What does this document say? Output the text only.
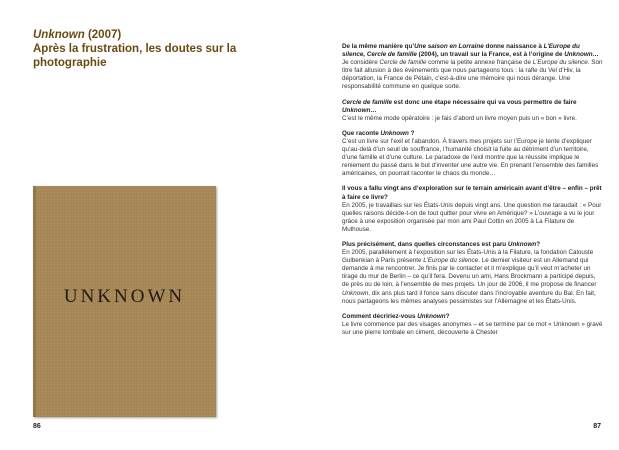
Unknown (2007)
Après la frustration, les doutes sur la photographie
UNKNOWN
86
De la même manière qu’Une saison en Lorraine donne naissance à L’Europe du silence, Cercle de famille (2004), un travail sur la France, est à l’origine de Unknown…
Je considère Cercle de famille comme la petite annexe française de L’Europe du silence. Son titre fait allusion à des événements que nous partageons tous : la rafle du Vel d’Hiv, la déportation, la France de Pétain, c’est-à-dire une mémoire qui nous dérange. Une responsabilité commune en quelque sorte.
Cercle de famille est donc une étape nécessaire qui va vous permettre de faire Unknown…
C’est le même mode opératoire : je fais d’abord un livre moyen puis un « bon » livre.
Que raconte Unknown ?
C’est un livre sur l’exil et l’abandon. À travers mes projets sur l’Europe je tente d’expliquer qu’au-delà d’un seuil de souffrance, l’humanité choisit la fuite au détriment d’un territoire, d’une famille et d’une culture. Le paradoxe de l’exil montre que la réussite implique le reniement du passé dans le but d’inventer une autre vie. En prenant l’ensemble des familles américaines, on pourrait raconter le chaos du monde…
Il vous a fallu vingt ans d’exploration sur le terrain américain avant d’être – enfin – prêt à faire ce livre?
En 2005, je travaillais sur les États-Unis depuis vingt ans. Une question me taraudait : « Pour quelles raisons décide-t-on de tout quitter pour vivre en Amérique? » L’ouvrage a vu le jour grâce à une exposition organisée par mon ami Paul Cottin en 2005 à La Filature de Mulhouse.
Plus précisément, dans quelles circonstances est paru Unknown?
En 2005, parallèlement à l’exposition sur les États-Unis à la Filature, la fondation Calouste Gulbenkian à Paris présente L’Europe du silence. Le dernier visiteur est un Allemand qui demande à me rencontrer. Je finis par le contacter et il m’explique qu’il veut m’acheter un tirage du mur de Berlin – ce qu’il fera. Devenu un ami, Hans Brockmann a participé depuis, de près ou de loin, à l’ensemble de mes projets. Un jour de 2006, il me propose de financer Unknown, dix ans plus tard il fonce sans discuter dans l’incroyable aventure du Bal. En fait, nous partageons les mêmes analyses pessimistes sur l’Allemagne et les États-Unis.
Comment décririez-vous Unknown?
Le livre commence par des visages anonymes – et se termine par ce mot « Unknown » gravé sur une pierre tombale en ciment, découverte à Chester
87
